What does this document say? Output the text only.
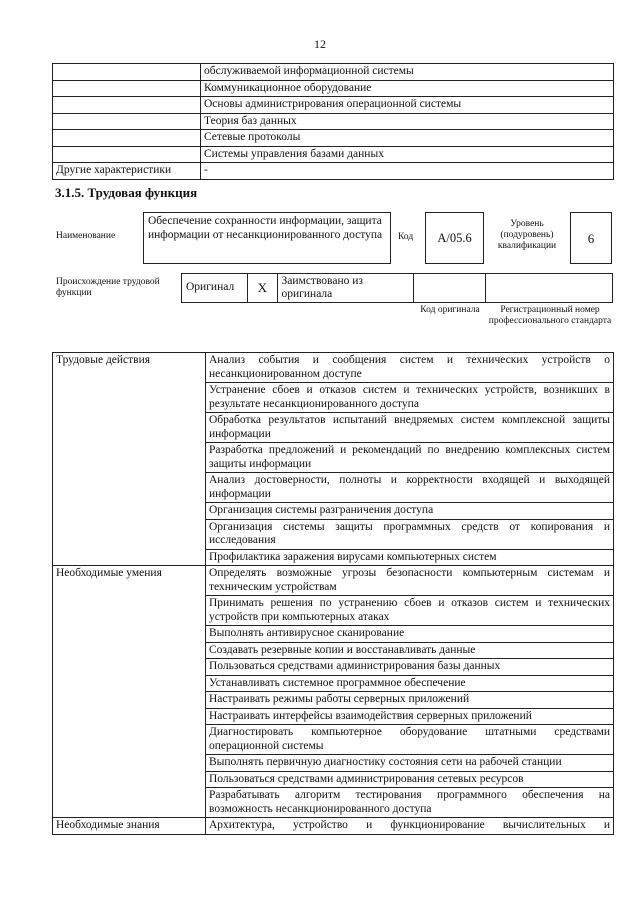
12
	обслуживаемой информационной системы
	Коммуникационное оборудование
	Основы администрирования операционной системы
	Теория баз данных
	Сетевые протоколы
	Системы управления базами данных
Другие характеристики	-
3.1.5. Трудовая функция
Наименование
Обеспечение сохранности информации, защита информации от несанкционированного доступа	Код	A/05.6
Уровень (подуровень) квалификации	6
Происхождение трудовой функции	Оригинал	X	Заимствовано из оригинала		
Код оригинала	Регистрационный номер профессионального стандарта
Трудовые действия	Анализ события и сообщения систем и технических устройств о несанкционированном доступе
	Устранение сбоев и отказов систем и технических устройств, возникших в результате несанкционированного доступа
	Обработка результатов испытаний внедряемых систем комплексной защиты информации
	Разработка предложений и рекомендаций по внедрению комплексных систем защиты информации
	Анализ достоверности, полноты и корректности входящей и выходящей информации
	Организация системы разграничения доступа
	Организация системы защиты программных средств от копирования и исследования
	Профилактика заражения вирусами компьютерных систем
Необходимые умения	Определять возможные угрозы безопасности компьютерным системам и техническим устройствам
	Принимать решения по устранению сбоев и отказов систем и технических устройств при компьютерных атаках
	Выполнять антивирусное сканирование
	Создавать резервные копии и восстанавливать данные
	Пользоваться средствами администрирования базы данных
	Устанавливать системное программное обеспечение
	Настраивать режимы работы серверных приложений
	Настраивать интерфейсы взаимодействия серверных приложений
	Диагностировать компьютерное оборудование штатными средствами операционной системы
	Выполнять первичную диагностику состояния сети на рабочей станции
	Пользоваться средствами администрирования сетевых ресурсов
	Разрабатывать алгоритм тестирования программного обеспечения на возможность несанкционированного доступа
Необходимые знания	Архитектура, устройство и функционирование вычислительных и
